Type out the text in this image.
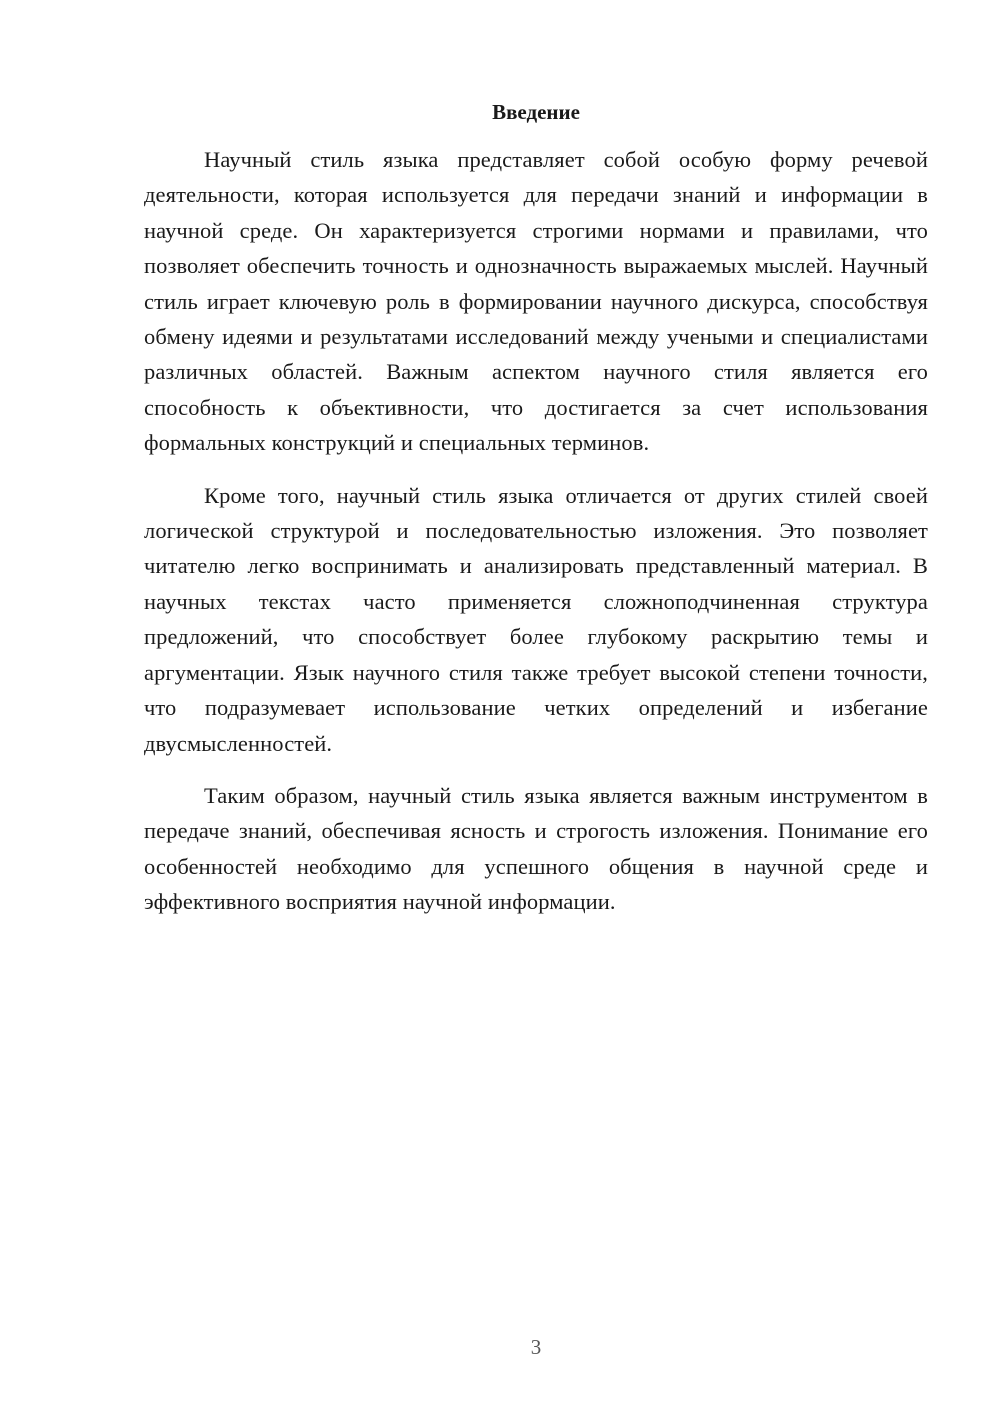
Введение

Научный стиль языка представляет собой особую форму речевой деятельности, которая используется для передачи знаний и информации в научной среде. Он характеризуется строгими нормами и правилами, что позволяет обеспечить точность и однозначность выражаемых мыслей. Научный стиль играет ключевую роль в формировании научного дискурса, способствуя обмену идеями и результатами исследований между учеными и специалистами различных областей. Важным аспектом научного стиля является его способность к объективности, что достигается за счет использования формальных конструкций и специальных терминов.

Кроме того, научный стиль языка отличается от других стилей своей логической структурой и последовательностью изложения. Это позволяет читателю легко воспринимать и анализировать представленный материал. В научных текстах часто применяется сложноподчиненная структура предложений, что способствует более глубокому раскрытию темы и аргументации. Язык научного стиля также требует высокой степени точности, что подразумевает использование четких определений и избегание двусмысленностей.

Таким образом, научный стиль языка является важным инструментом в передаче знаний, обеспечивая ясность и строгость изложения. Понимание его особенностей необходимо для успешного общения в научной среде и эффективного восприятия научной информации.

3
